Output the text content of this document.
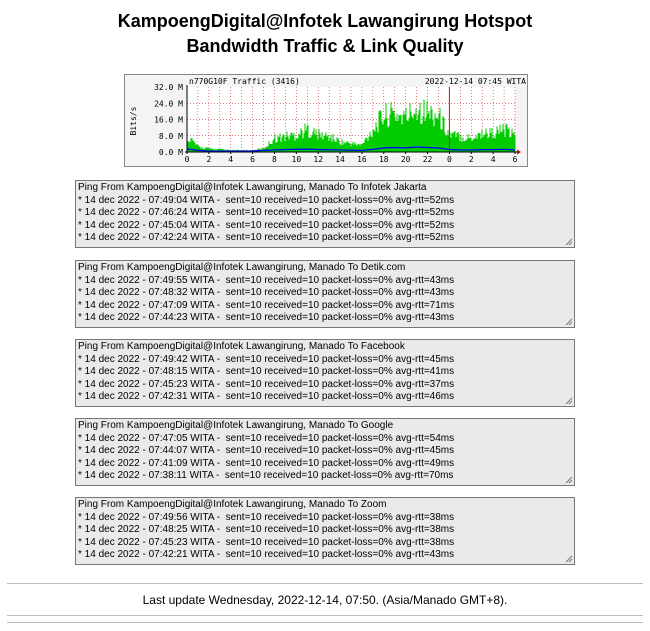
KampoengDigital@Infotek Lawangirung Hotspot
Bandwidth Traffic & Link Quality
32.0 M
24.0 M
16.0 M
8.0 M
0.0 M
0 2 4 6 8 10 12 14 16 18 20 22 0 2 4 6
n770G10F Traffic (3416)	2022-12-14 07:45 WITA
Bits/s
Ping From KampoengDigital@Infotek Lawangirung, Manado To Infotek Jakarta
* 14 dec 2022 - 07:49:04 WITA -  sent=10 received=10 packet-loss=0% avg-rtt=52ms
* 14 dec 2022 - 07:46:24 WITA -  sent=10 received=10 packet-loss=0% avg-rtt=52ms
* 14 dec 2022 - 07:45:04 WITA -  sent=10 received=10 packet-loss=0% avg-rtt=52ms
* 14 dec 2022 - 07:42:24 WITA -  sent=10 received=10 packet-loss=0% avg-rtt=52ms
Ping From KampoengDigital@Infotek Lawangirung, Manado To Detik.com
* 14 dec 2022 - 07:49:55 WITA -  sent=10 received=10 packet-loss=0% avg-rtt=43ms
* 14 dec 2022 - 07:48:32 WITA -  sent=10 received=10 packet-loss=0% avg-rtt=43ms
* 14 dec 2022 - 07:47:09 WITA -  sent=10 received=10 packet-loss=0% avg-rtt=71ms
* 14 dec 2022 - 07:44:23 WITA -  sent=10 received=10 packet-loss=0% avg-rtt=43ms
Ping From KampoengDigital@Infotek Lawangirung, Manado To Facebook
* 14 dec 2022 - 07:49:42 WITA -  sent=10 received=10 packet-loss=0% avg-rtt=45ms
* 14 dec 2022 - 07:48:15 WITA -  sent=10 received=10 packet-loss=0% avg-rtt=41ms
* 14 dec 2022 - 07:45:23 WITA -  sent=10 received=10 packet-loss=0% avg-rtt=37ms
* 14 dec 2022 - 07:42:31 WITA -  sent=10 received=10 packet-loss=0% avg-rtt=46ms
Ping From KampoengDigital@Infotek Lawangirung, Manado To Google
* 14 dec 2022 - 07:47:05 WITA -  sent=10 received=10 packet-loss=0% avg-rtt=54ms
* 14 dec 2022 - 07:44:07 WITA -  sent=10 received=10 packet-loss=0% avg-rtt=45ms
* 14 dec 2022 - 07:41:09 WITA -  sent=10 received=10 packet-loss=0% avg-rtt=49ms
* 14 dec 2022 - 07:38:11 WITA -  sent=10 received=10 packet-loss=0% avg-rtt=70ms
Ping From KampoengDigital@Infotek Lawangirung, Manado To Zoom
* 14 dec 2022 - 07:49:56 WITA -  sent=10 received=10 packet-loss=0% avg-rtt=38ms
* 14 dec 2022 - 07:48:25 WITA -  sent=10 received=10 packet-loss=0% avg-rtt=38ms
* 14 dec 2022 - 07:45:23 WITA -  sent=10 received=10 packet-loss=0% avg-rtt=38ms
* 14 dec 2022 - 07:42:21 WITA -  sent=10 received=10 packet-loss=0% avg-rtt=43ms
Last update Wednesday, 2022-12-14, 07:50. (Asia/Manado GMT+8).
